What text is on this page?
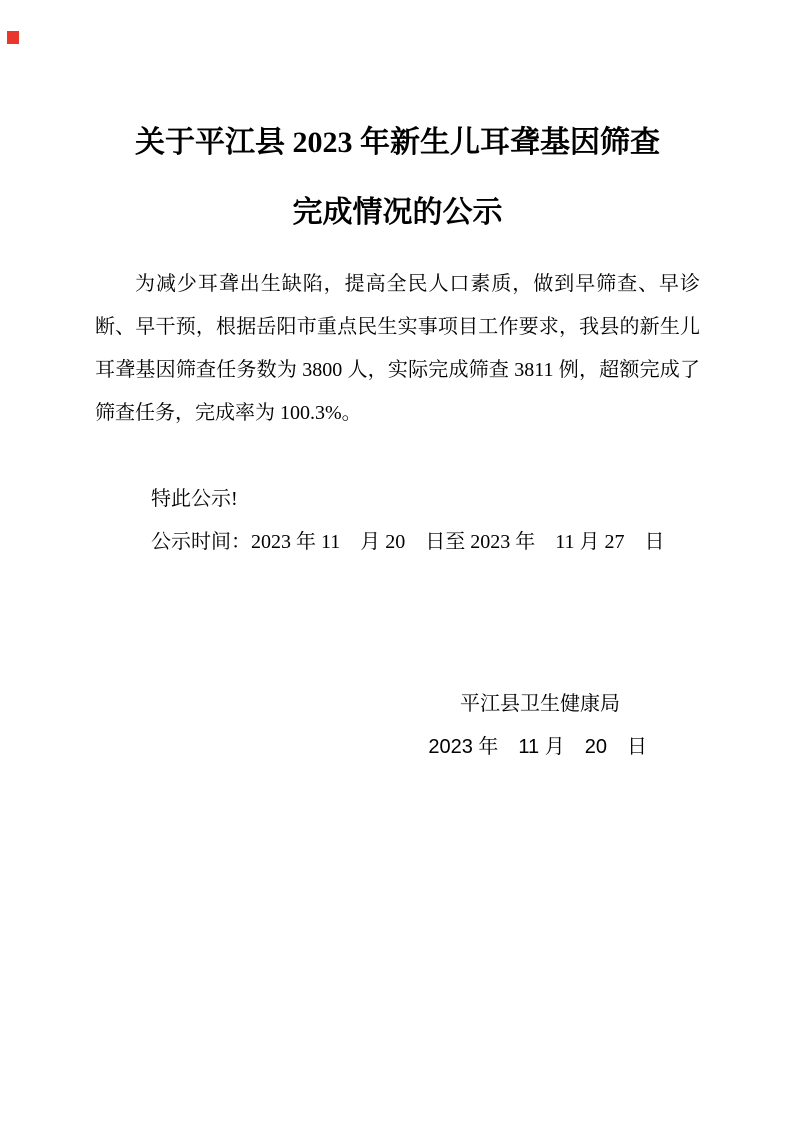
关于平江县 2023 年新生儿耳聋基因筛查
完成情况的公示
为减少耳聋出生缺陷，提高全民人口素质，做到早筛查、早诊
断、早干预，根据岳阳市重点民生实事项目工作要求，我县的新生儿
耳聋基因筛查任务数为 3800 人，实际完成筛查 3811 例，超额完成了
筛查任务，完成率为 100.3%。
特此公示!
公示时间：2023 年 11　月 20　日至 2023 年　11 月 27　日
平江县卫生健康局
2023 年　11 月　20　日
